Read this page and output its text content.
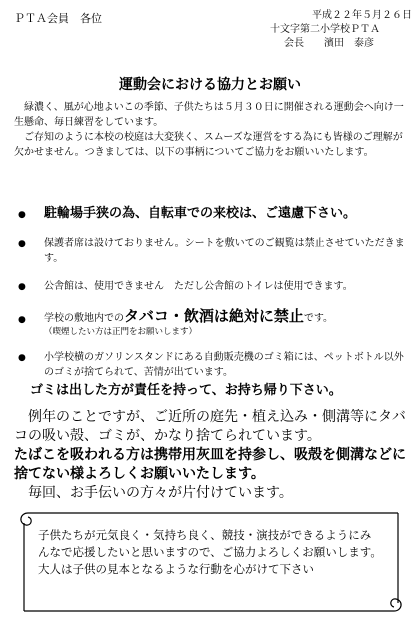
ＰＴＡ会員　各位	平成２２年５月２６日
十文字第二小学校ＰＴＡ
会長　　濱田　泰彦
運動会における協力とお願い

緑濃く、風が心地よいこの季節、子供たちは５月３０日に開催される運動会へ向け一生懸命、毎日練習をしています。

ご存知のように本校の校庭は大変狭く、スムーズな運営をする為にも皆様のご理解が欠かせません。つきましては、以下の事柄についてご協力をお願いいたします。

● 駐輪場手狭の為、自転車での来校は、ご遠慮下さい。
● 保護者席は設けておりません。シートを敷いてのご観覧は禁止させていただきます。
● 公舎館は、使用できません　ただし公舎館のトイレは使用できます。
● 学校の敷地内でのタバコ・飲酒は絶対に禁止です。
（喫煙したい方は正門をお願いします）
● 小学校横のガソリンスタンドにある自動販売機のゴミ箱には、ペットボトル以外のゴミが捨てられて、苦情が出ています。
ゴミは出した方が責任を持って、お持ち帰り下さい。

例年のことですが、ご近所の庭先・植え込み・側溝等にタバコの吸い殻、ゴミが、かなり捨てられています。

たばこを吸われる方は携帯用灰皿を持参し、吸殻を側溝などに捨てない様よろしくお願いいたします。

毎回、お手伝いの方々が片付けています。

子供たちが元気良く・気持ち良く、競技・演技ができるようにみんなで応援したいと思いますので、ご協力よろしくお願いします。

大人は子供の見本となるような行動を心がけて下さい
